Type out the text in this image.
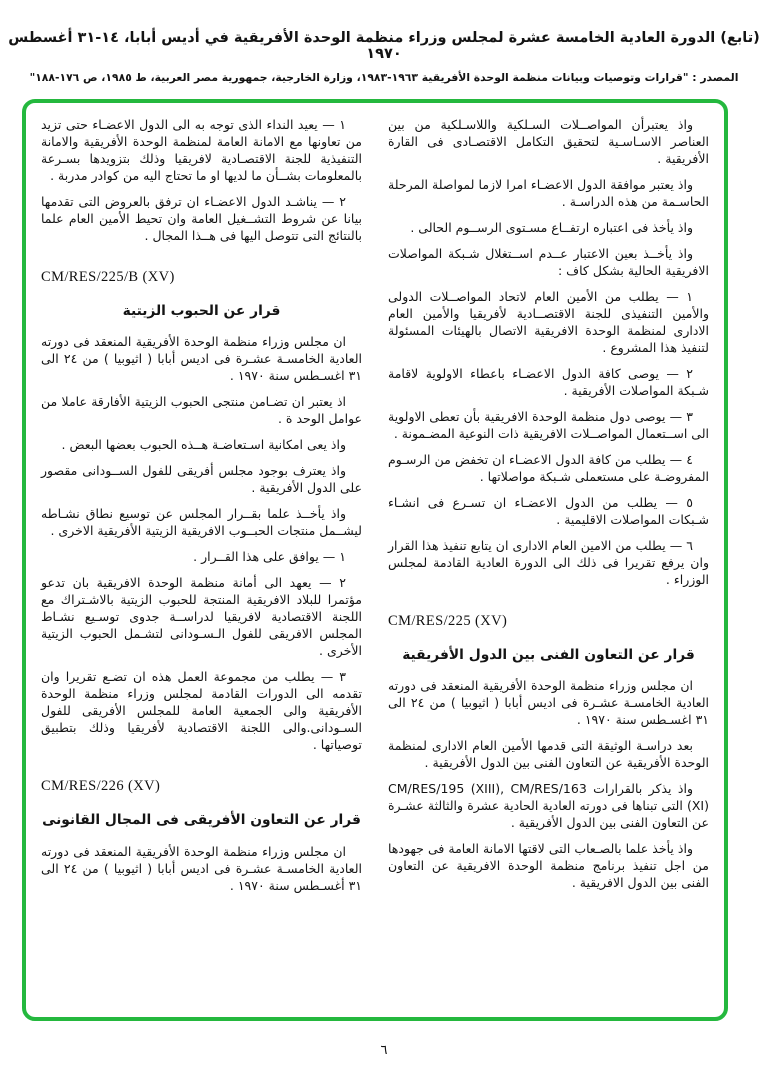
(تابع) الدورة العادية الخامسة عشرة لمجلس وزراء منظمة الوحدة الأفريقية في أديس أبابا، ١٤-٣١ أغسطس ١٩٧٠
المصدر : "قرارات وتوصيات وبيانات منظمة الوحدة الأفريقية ١٩٦٣-١٩٨٣، وزارة الخارجية، جمهورية مصر العربية، ط ١٩٨٥، ص ١٧٦-١٨٨"

واذ يعتبرأن المواصــلات السـلكية واللاسـلكية من بين العناصر الاسـاسـية لتحقيق التكامل الاقتصـادى فى القارة الأفريقية .

واذ يعتبر موافقة الدول الاعضـاء امرا لازما لمواصلة المرحلة الحاسـمة من هذه الدراسـة .

واذ يأخذ فى اعتباره ارتفــاع مسـتوى الرســوم الحالى .

واذ يأخــذ بعين الاعتبار عــدم اســتغلال شـبكة المواصلات الافريقية الحالية بشكل كاف :

١ — يطلب من الأمين العام لاتحاد المواصــلات الدولى والأمين التنفيذى للجنة الاقتصــادية لأفريقيا والأمين العام الادارى لمنظمة الوحدة الافريقية الاتصال بالهيئات المسئولة لتنفيذ هذا المشروع .

٢ — يوصى كافة الدول الاعضـاء باعطاء الاولوية لاقامة شـبكة المواصلات الأفريقية .

٣ — يوصى دول منظمة الوحدة الافريقية بأن تعطى الاولوية الى اســتعمال المواصــلات الافريقية ذات النوعية المضـمونة .

٤ — يطلب من كافة الدول الاعضـاء ان تخفض من الرسـوم المفروضـة على مستعملى شـبكة مواصلاتها .

٥ — يطلب من الدول الاعضـاء ان تسـرع فى انشـاء شـبكات المواصلات الاقليمية .

٦ — يطلب من الامين العام الادارى ان يتابع تنفيذ هذا القرار وان يرفع تقريرا فى ذلك الى الدورة العادية القادمة لمجلس الوزراء .

CM/RES/225 (XV)
قرار عن التعاون الفنى بين الدول الأفريقية

ان مجلس وزراء منظمة الوحدة الأفريقية المنعقد فى دورته العادية الخامسـة عشـرة فى اديس أبابا ( اثيوبيا ) من ٢٤ الى ٣١ اغسـطس سنة ١٩٧٠ .

بعد دراسـة الوثيقة التى قدمها الأمين العام الادارى لمنظمة الوحدة الأفريقية عن التعاون الفنى بين الدول الأفريقية .

واذ يذكر بالقرارات CM/RES/195 (XIII), CM/RES/163 (XI) التى تبناها فى دورته العادية الحادية عشرة والثالثة عشـرة عن التعاون الفنى بين الدول الأفريقية .

واذ يأخذ علما بالصـعاب التى لاقتها الامانة العامة فى جهودها من اجل تنفيذ برنامج منظمة الوحدة الافريقية عن التعاون الفنى بين الدول الافريقية .

١ — يعيد النداء الذى توجه به الى الدول الاعضـاء حتى تزيد من تعاونها مع الامانة العامة لمنظمة الوحدة الأفريقية والامانة التنفيذية للجنة الاقتصـادية لافريقيا وذلك بتزويدها بسـرعة بالمعلومات بشــأن ما لديها او ما تحتاج اليه من كوادر مدربة .

٢ — يناشـد الدول الاعضـاء ان ترفق بالعروض التى تقدمها بيانا عن شروط التشــغيل العامة وان تحيط الأمين العام علما بالنتائج التى تتوصل اليها فى هــذا المجال .

CM/RES/225/B (XV)
قرار عن الحبوب الزيتية

ان مجلس وزراء منظمة الوحدة الأفريقية المنعقد فى دورته العادية الخامسـة عشـرة فى اديس أبابا ( اثيوبيا ) من ٢٤ الى ٣١ اغسـطس سنة ١٩٧٠ .

اذ يعتبر ان تضـامن منتجى الحبوب الزيتية الأفارقة عاملا من عوامل الوحد ة .

واذ يعى امكانية اسـتعاضـة هــذه الحبوب بعضها البعض .

واذ يعترف بوجود مجلس أفريقى للفول الســودانى مقصور على الدول الأفريقية .

واذ يأخــذ علما بقــرار المجلس عن توسيع نطاق نشـاطه ليشــمل منتجات الحبــوب الافريقية الزيتية الأفريقية الاخرى .

١ — يوافق على هذا القــرار .

٢ — يعهد الى أمانة منظمة الوحدة الافريقية بان تدعو مؤتمرا للبلاد الافريقية المنتجة للحبوب الزيتية بالاشـتراك مع اللجنة الاقتصادية لافريقيا لدراســة جدوى توسـيع نشـاط المجلس الافريقى للفول الـسـودانى لتشـمل الحبوب الزيتية الأخرى .

٣ — يطلب من مجموعة العمل هذه ان تضـع تقريرا وان تقدمه الى الدورات القادمة لمجلس وزراء منظمة الوحدة الأفريقية والى الجمعية العامة للمجلس الأفريقى للفول السـودانى.والى اللجنة الاقتصادية لأفريقيا وذلك بتطبيق توصياتها .

CM/RES/226 (XV)
قرار عن التعاون الأفريقى فى المجال القانونى

ان مجلس وزراء منظمة الوحدة الأفريقية المنعقد فى دورته العادية الخامسـة عشـرة فى اديس أبابا ( اثيوبيا ) من ٢٤ الى ٣١ أغسـطس سنة ١٩٧٠ .

٦
